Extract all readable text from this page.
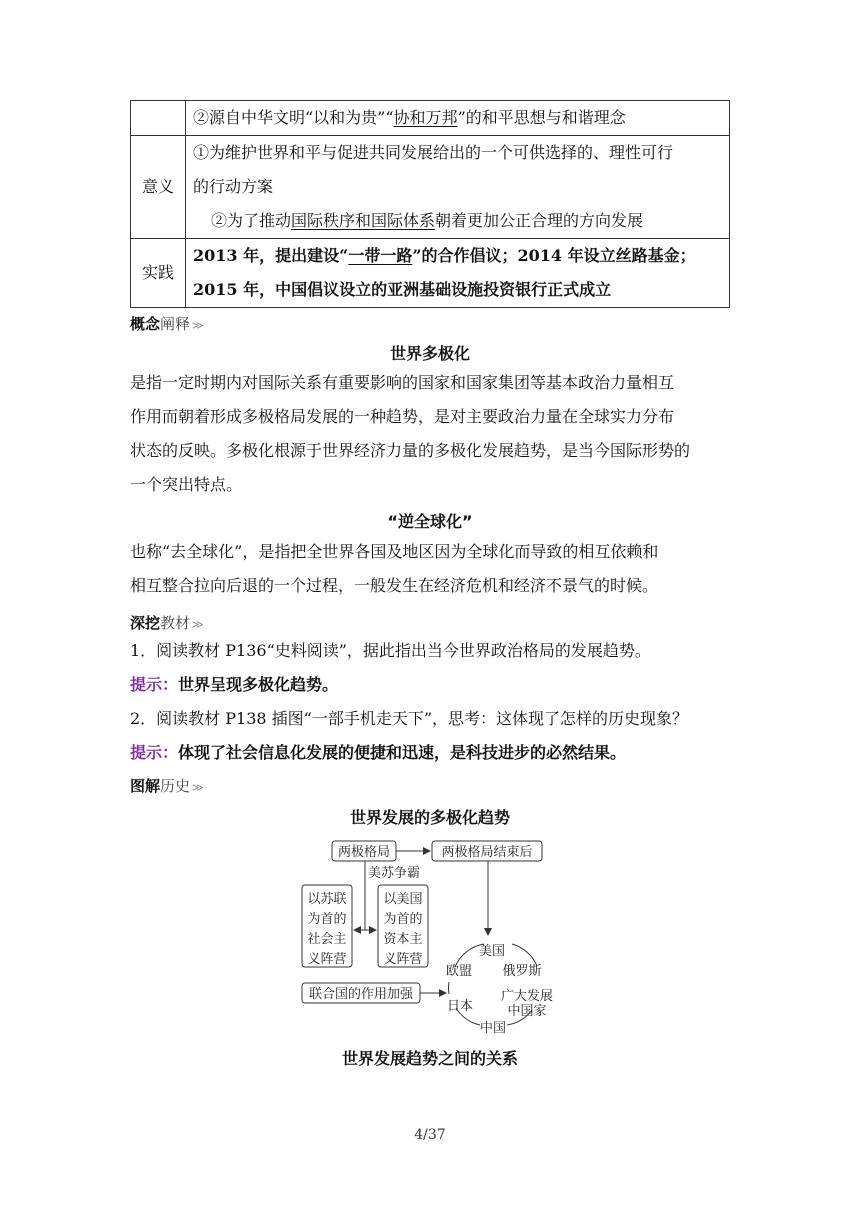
	②源自中华文明“以和为贵”“协和万邦”的和平思想与和谐理念
意义	①为维护世界和平与促进共同发展给出的一个可供选择的、理性可行
的行动方案
②为了推动国际秩序和国际体系朝着更加公正合理的方向发展

实践	2013 年，提出建设“一带一路”的合作倡议；2014 年设立丝路基金；
2015 年，中国倡议设立的亚洲基础设施投资银行正式成立
概念阐释 ≫
世界多极化
是指一定时期内对国际关系有重要影响的国家和国家集团等基本政治力量相互
作用而朝着形成多极格局发展的一种趋势，是对主要政治力量在全球实力分布
状态的反映。多极化根源于世界经济力量的多极化发展趋势，是当今国际形势的
一个突出特点。
“逆全球化”
也称“去全球化”，是指把全世界各国及地区因为全球化而导致的相互依赖和
相互整合拉向后退的一个过程，一般发生在经济危机和经济不景气的时候。
深挖教材 ≫
1．阅读教材 P136“史料阅读”，据此指出当今世界政治格局的发展趋势。
提示：世界呈现多极化趋势。
2．阅读教材 P138 插图“一部手机走天下”，思考：这体现了怎样的历史现象？
提示：体现了社会信息化发展的便捷和迅速，是科技进步的必然结果。
图解历史 ≫
世界发展的多极化趋势
两极格局	两极格局结束后
美苏争霸
以苏联
为首的
社会主
义阵营
以美国
为首的
资本主
义阵营
联合国的作用加强
美国
欧盟 俄罗斯
日本
广大发展
中国家
中国
世界发展趋势之间的关系
4/37
